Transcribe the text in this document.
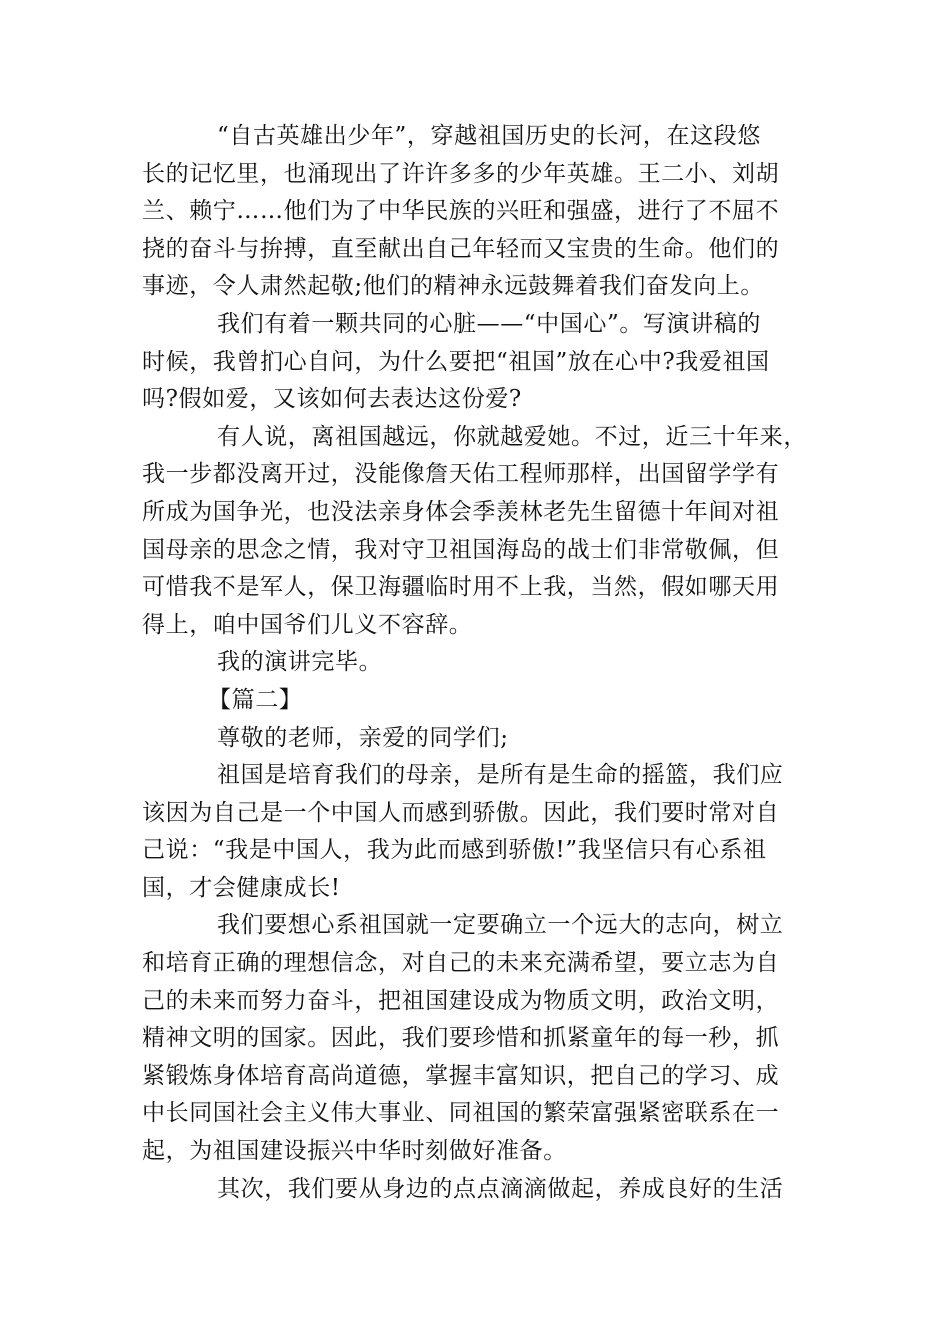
“自古英雄出少年”，穿越祖国历史的长河，在这段悠
长的记忆里，也涌现出了许许多多的少年英雄。王二小、刘胡
兰、赖宁……他们为了中华民族的兴旺和强盛，进行了不屈不
挠的奋斗与拚搏，直至献出自己年轻而又宝贵的生命。他们的
事迹，令人肃然起敬;他们的精神永远鼓舞着我们奋发向上。
我们有着一颗共同的心脏——“中国心”。写演讲稿的
时候，我曾扪心自问，为什么要把“祖国”放在心中?我爱祖国
吗?假如爱，又该如何去表达这份爱?
有人说，离祖国越远，你就越爱她。不过，近三十年来，
我一步都没离开过，没能像詹天佑工程师那样，出国留学学有
所成为国争光，也没法亲身体会季羡林老先生留德十年间对祖
国母亲的思念之情，我对守卫祖国海岛的战士们非常敬佩，但
可惜我不是军人，保卫海疆临时用不上我，当然，假如哪天用
得上，咱中国爷们儿义不容辞。
我的演讲完毕。
【篇二】
尊敬的老师，亲爱的同学们;
祖国是培育我们的母亲，是所有是生命的摇篮，我们应
该因为自己是一个中国人而感到骄傲。因此，我们要时常对自
己说：“我是中国人，我为此而感到骄傲!”我坚信只有心系祖
国，才会健康成长!
我们要想心系祖国就一定要确立一个远大的志向，树立
和培育正确的理想信念，对自己的未来充满希望，要立志为自
己的未来而努力奋斗，把祖国建设成为物质文明，政治文明，
精神文明的国家。因此，我们要珍惜和抓紧童年的每一秒，抓
紧锻炼身体培育高尚道德，掌握丰富知识，把自己的学习、成
中长同国社会主义伟大事业、同祖国的繁荣富强紧密联系在一
起，为祖国建设振兴中华时刻做好准备。
其次，我们要从身边的点点滴滴做起，养成良好的生活
